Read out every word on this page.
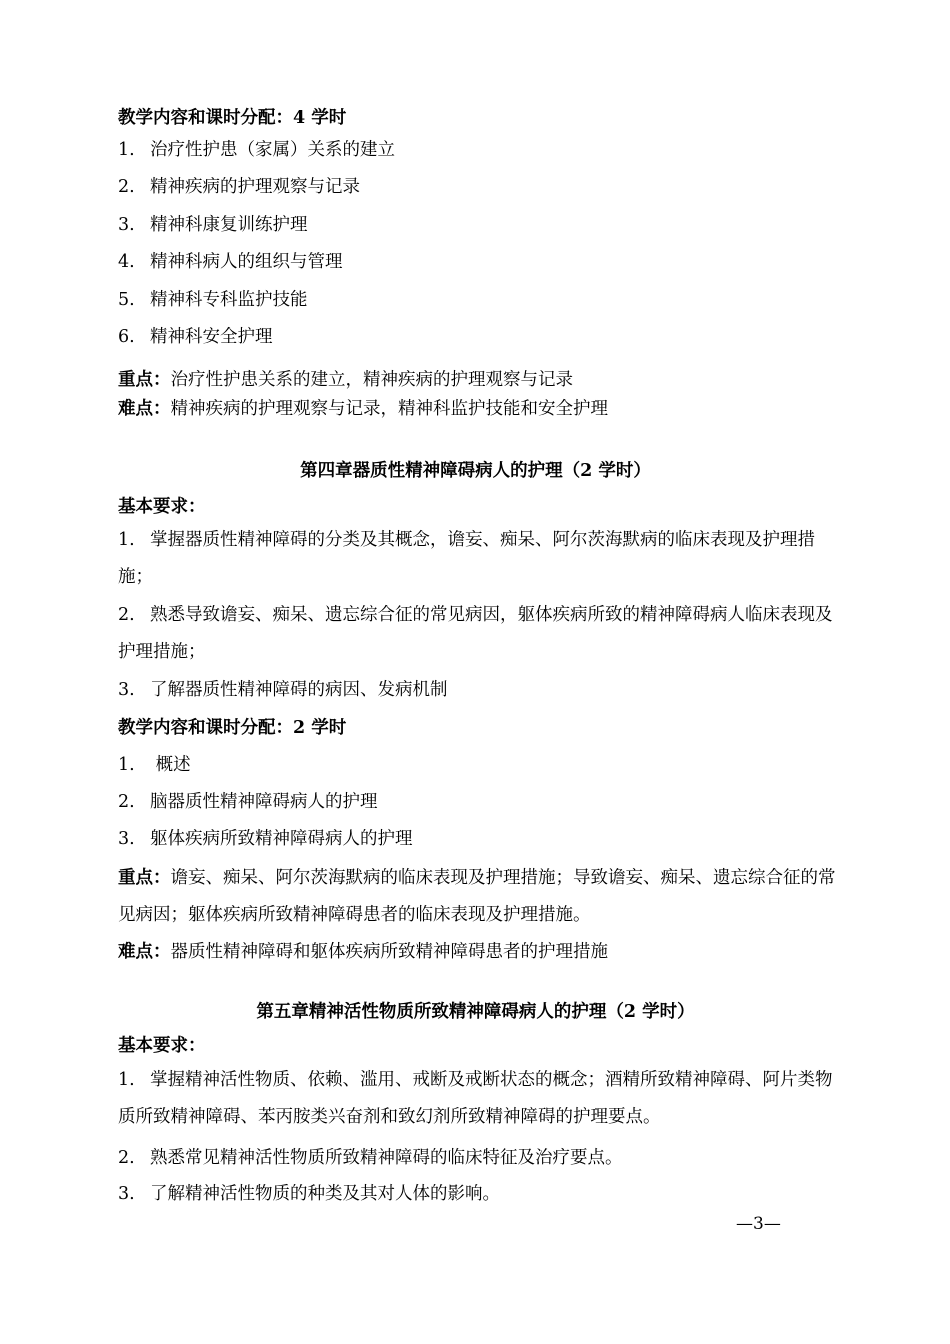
教学内容和课时分配：4 学时
1. 治疗性护患（家属）关系的建立
2. 精神疾病的护理观察与记录
3. 精神科康复训练护理
4. 精神科病人的组织与管理
5. 精神科专科监护技能
6. 精神科安全护理
重点：治疗性护患关系的建立，精神疾病的护理观察与记录
难点：精神疾病的护理观察与记录，精神科监护技能和安全护理
第四章器质性精神障碍病人的护理（2 学时）
基本要求：
1. 掌握器质性精神障碍的分类及其概念，谵妄、痴呆、阿尔茨海默病的临床表现及护理措施；
2. 熟悉导致谵妄、痴呆、遗忘综合征的常见病因，躯体疾病所致的精神障碍病人临床表现及护理措施；
3. 了解器质性精神障碍的病因、发病机制
教学内容和课时分配：2 学时
1. 概述
2. 脑器质性精神障碍病人的护理
3. 躯体疾病所致精神障碍病人的护理
重点：谵妄、痴呆、阿尔茨海默病的临床表现及护理措施；导致谵妄、痴呆、遗忘综合征的常见病因；躯体疾病所致精神障碍患者的临床表现及护理措施。
难点：器质性精神障碍和躯体疾病所致精神障碍患者的护理措施
第五章精神活性物质所致精神障碍病人的护理（2 学时）
基本要求：
1. 掌握精神活性物质、依赖、滥用、戒断及戒断状态的概念；酒精所致精神障碍、阿片类物质所致精神障碍、苯丙胺类兴奋剂和致幻剂所致精神障碍的护理要点。
2. 熟悉常见精神活性物质所致精神障碍的临床特征及治疗要点。
3. 了解精神活性物质的种类及其对人体的影响。
—3—
